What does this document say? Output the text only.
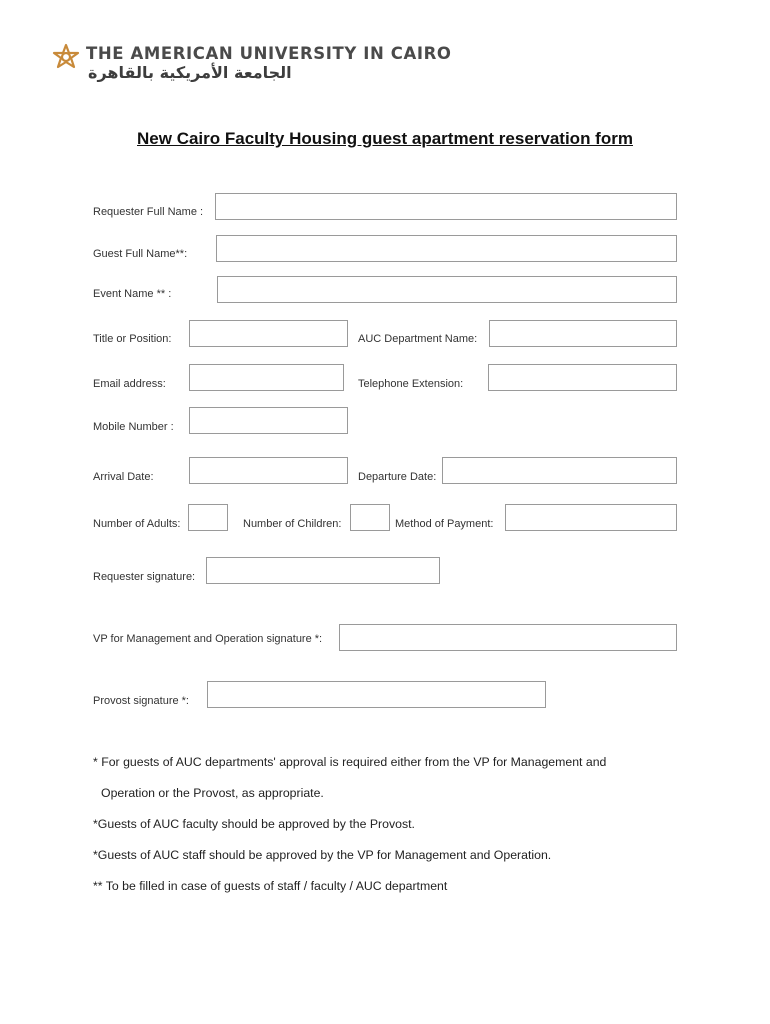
THE AMERICAN UNIVERSITY IN CAIRO
الجامعة الأمريكية بالقاهرة
New Cairo Faculty Housing guest apartment reservation form
Requester Full Name :
Guest Full Name**:
Event Name ** :
Title or Position:	AUC Department Name:
Email address:	Telephone Extension:
Mobile Number :
Arrival Date:	Departure Date:
Number of Adults:	Number of Children:	Method of Payment:
Requester signature:
VP for Management and Operation signature *:
Provost signature *:
* For guests of AUC departments' approval is required either from the VP for Management and
Operation or the Provost, as appropriate.
*Guests of AUC faculty should be approved by the Provost.
*Guests of AUC staff should be approved by the VP for Management and Operation.
** To be filled in case of guests of staff / faculty / AUC department
